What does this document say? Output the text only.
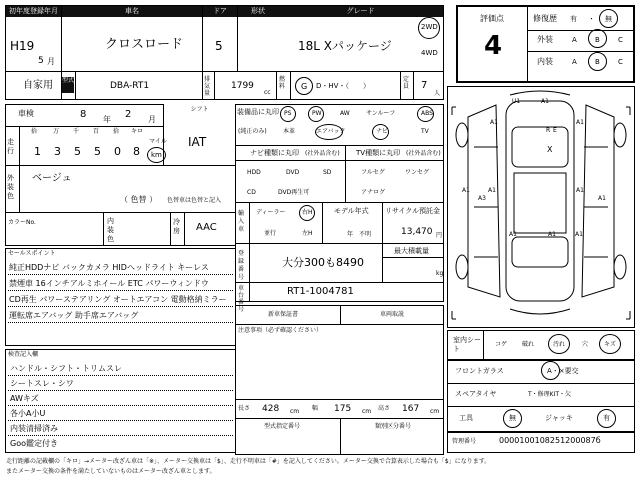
初年度登録年月
H19
5 月
車名
クロスロード
ドア
5
形状	グレード
18L Xパッケージ
2WD
4WD
評価点
4
修復歴 有 ・ 無
外装	A	B	C
内装	A	B	C
自家用 型式
DBA-RT1
排気量
1799
cc
燃料 G D・HV・（　　）
定員 7
人
車検	8 年 2 月
シフト
IAT
走行
拾	万 千 百 拾 キロ
1 3 5 5 0 8
マイル
km
外装色
ベージュ
（ 色替 ） 色替車は色替と記入
カラーNo.	内装色
冷房 AAC
セールスポイント
純正HDDナビ バックカメラ HIDヘッドライト キーレス
禁煙車 16インチアルミホイール ETC パワーウィンドウ
CD再生 パワーステアリング オートエアコン 電動格納ミラー
運転席エアバッグ 助手席エアバッグ
検査記入欄
ハンドル・シフト・トリムスレ
シートスレ・シワ
AWキズ
各小A小U
内装清掃済み
Goo鑑定付き
装備品に丸印
(純正のみ)
PS	PW	AW	サンルーフ	ABS
本革	エアバック	ナビ	TV
ナビ種類に丸印 (社外品含む)
HDD	DVD	SD
CD	DVD再生可
TV種類に丸印 (社外品含む)
フルセグ	ワンセグ
アナログ
輸入車
ディーラー	右H
並行	左H
モデル年式
年　不明
リサイクル預託金
13,470 円
登録番号
大分300も8490
最大積載量
kg
車台番号
RT1-1004781
新車保証書	車両取説
注意事項（必ず確認ください）
長さ 428 cm 幅 175 cm 高さ 167 cm
型式指定番号	類別区分番号
U1	A1
A1	A1
A1	A1	A1
A3	A1
A1	A1	A1
X
R E
室内シート
コゲ 破れ	汚れ	穴	キズ
フロントガラス	A・×要交
スペアタイヤ	T・修理KIT・欠
工具	無	ジャッキ	有
管理番号	0000100108251200087б
走行距離の記載欄の「キロ」→メーター改ざん車は「※」、メーター交換車は「$」、走行不明車は「#」を記入してください。メーター交換で合算表示した場合も「$」になります。
またメーター交換の条件を満たしていないものはメーター改ざん車とします。
